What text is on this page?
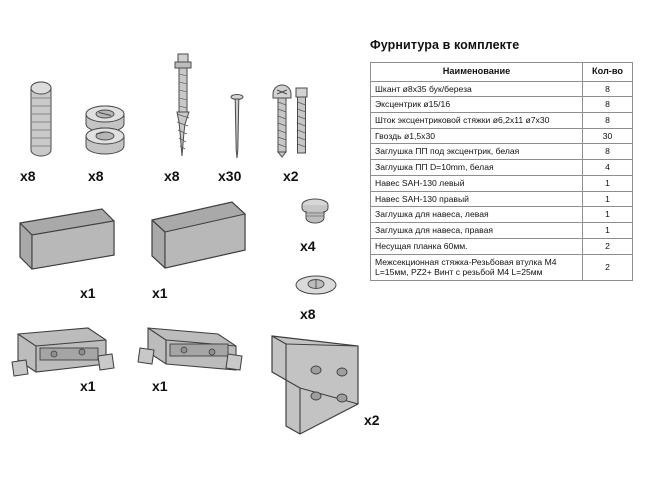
x8	x8	x8	x30	x2
x1	x1
x4
x8
x1	x1
x2
Фурнитура в комплекте
Наименование	Кол-во
Шкант ø8x35 бук/береза	8
Эксцентрик ø15/16	8
Шток эксцентриковой стяжки ø6,2x11 ø7x30	8
Гвоздь ø1,5x30	30
Заглушка ПП под эксцентрик, белая	8
Заглушка ПП D=10mm, белая	4
Навес SAH-130 левый	1
Навес SAH-130 правый	1
Заглушка для навеса, левая	1
Заглушка для навеса, правая	1
Несущая планка 60мм.	2
Межсекционная стяжка-Резьбовая втулка M4 L=15мм, PZ2+ Винт с резьбой M4 L=25мм	2
